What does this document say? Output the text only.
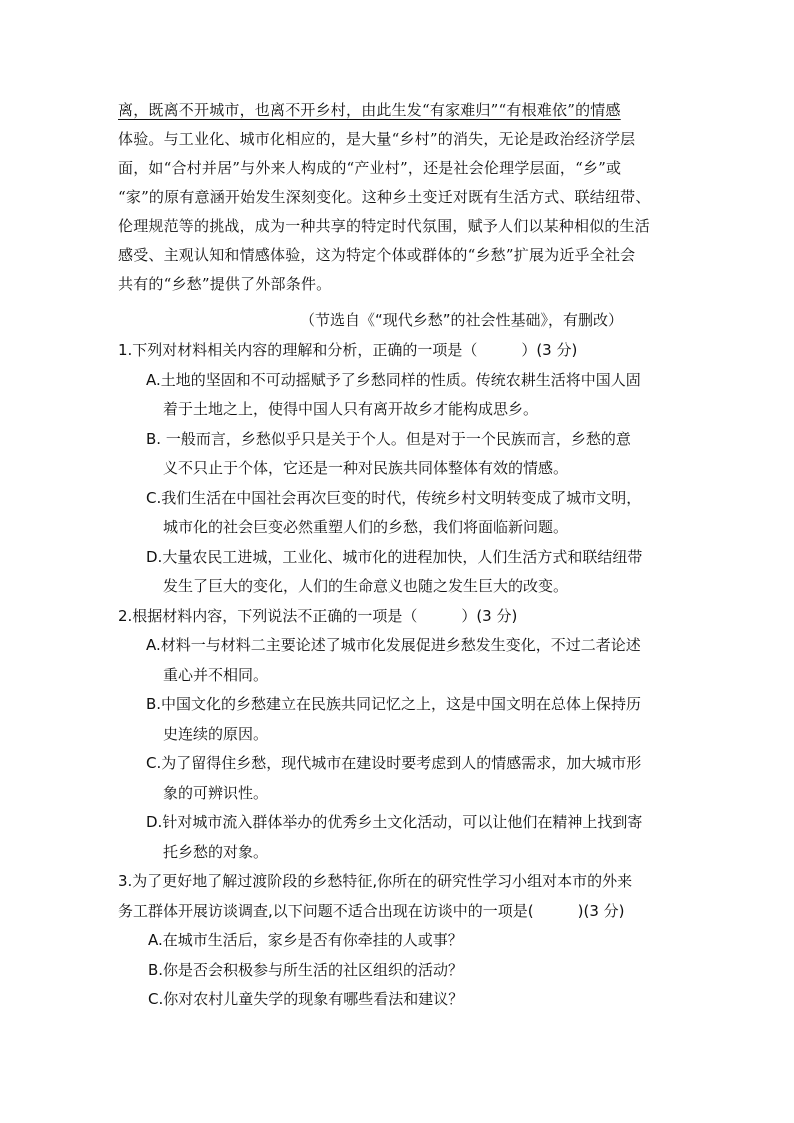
离，既离不开城市，也离不开乡村，由此生发“有家难归”“有根难依”的情感
体验。与工业化、城市化相应的，是大量“乡村”的消失，无论是政治经济学层
面，如“合村并居”与外来人构成的“产业村”，还是社会伦理学层面，“乡”或
“家”的原有意涵开始发生深刻变化。这种乡土变迁对既有生活方式、联结纽带、
伦理规范等的挑战，成为一种共享的特定时代氛围，赋予人们以某种相似的生活
感受、主观认知和情感体验，这为特定个体或群体的“乡愁”扩展为近乎全社会
共有的“乡愁”提供了外部条件。
（节选自《“现代乡愁”的社会性基础》，有删改）
1.下列对材料相关内容的理解和分析，正确的一项是（	）(3 分)
A.土地的坚固和不可动摇赋予了乡愁同样的性质。传统农耕生活将中国人固
着于土地之上，使得中国人只有离开故乡才能构成思乡。
B. 一般而言，乡愁似乎只是关于个人。但是对于一个民族而言，乡愁的意
义不只止于个体，它还是一种对民族共同体整体有效的情感。
C.我们生活在中国社会再次巨变的时代，传统乡村文明转变成了城市文明，
城市化的社会巨变必然重塑人们的乡愁，我们将面临新问题。
D.大量农民工进城，工业化、城市化的进程加快，人们生活方式和联结纽带
发生了巨大的变化，人们的生命意义也随之发生巨大的改变。
2.根据材料内容，下列说法不正确的一项是（	）(3 分)
A.材料一与材料二主要论述了城市化发展促进乡愁发生变化，不过二者论述
重心并不相同。
B.中国文化的乡愁建立在民族共同记忆之上，这是中国文明在总体上保持历
史连续的原因。
C.为了留得住乡愁，现代城市在建设时要考虑到人的情感需求，加大城市形
象的可辨识性。
D.针对城市流入群体举办的优秀乡土文化活动，可以让他们在精神上找到寄
托乡愁的对象。
3.为了更好地了解过渡阶段的乡愁特征,你所在的研究性学习小组对本市的外来
务工群体开展访谈调查,以下问题不适合出现在访谈中的一项是(	)(3 分)
A.在城市生活后，家乡是否有你牵挂的人或事？
B.你是否会积极参与所生活的社区组织的活动？
C.你对农村儿童失学的现象有哪些看法和建议？
